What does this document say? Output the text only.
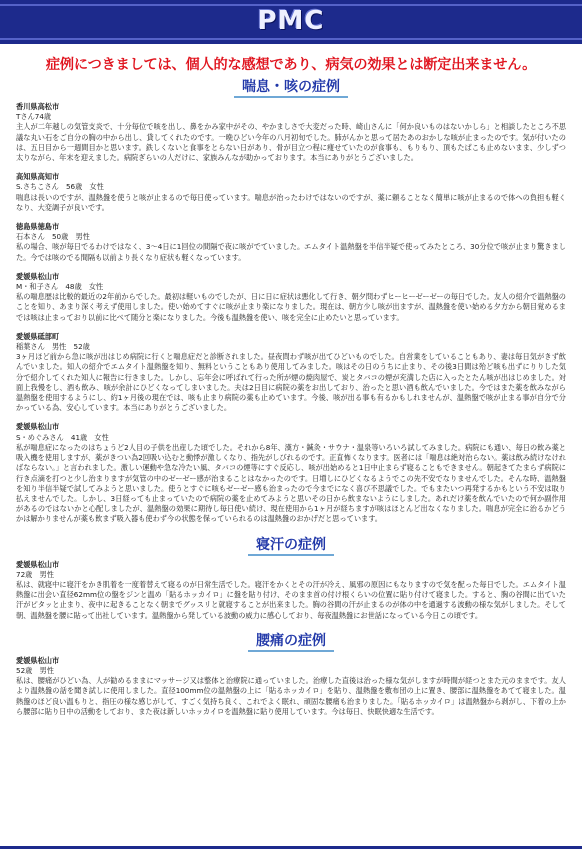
PMC
症例につきましては、個人的な感想であり、病気の効果とは断定出来ません。
喘息・咳の症例
香川県高松市
Tさん74歳

主人が二年越しの気管支炎で、十分毎位で咳を出し、鼻をかみ家中がその、やかましさで大変だった時、崎山さんに「何か良いものはないかしら」と相談したところ不思議な丸い石をご自分の胸の中から出し、貸してくれたのです。一晩ひどい今年の八月初旬でした。肺がんかと思って居たあのおかしな咳が止まったのです。気が付いたのは、五日目から一週間目かと思います。鉄しくないと食事をとらない日があり、骨が目立つ程に痩せていたのが食事も、もりもり、頂もたぱこも止めないまま、少しずつ太りながら、年末を迎えました。病院ぎらいの人だけに、家族みんなが助かっております。本当にありがとうございました。

高知県高知市
S.さちこさん　56歳　女性

喘息は長いのですが、温熱盤を使うと咳が止まるので毎日使っています。喘息が治ったわけではないのですが、薬に頼ることなく簡単に咳が止まるので体への負担も軽くなり、大変調子が良いです。

徳島県徳島市
石本さん　50歳　男性

私の場合、咳が毎日でるわけではなく、3〜4日に1回位の間隔で夜に咳がでていました。エムタイト温熱盤を半信半疑で使ってみたところ、30分位で咳が止まり驚きました。今では咳のでる間隔も以前より長くなり症状も軽くなっています。

愛媛県松山市
M・和子さん　48歳　女性

私の喘息歴は比較的最近の2年前からでした。最初は軽いものでしたが、日に日に症状は悪化して行き、朝夕問わずヒーヒーゼーゼーの毎日でした。友人の紹介で温熱盤のことを知り、あまり深く考えず使用しました。使い始めてすぐに咳が止まり楽になりました。現在は、朝方少し咳が出ますが、温熱盤を使い始める夕方から朝目覚めるまでは咳は止まっており以前に比べて随分と楽になりました。今後も温熱盤を使い、咳を完全に止めたいと思っています。

愛媛県砥部町
稲葉さん　男性　52歳

3ヶ月ほど前から急に咳が出はじめ病院に行くと喘息症だと診断されました。昼夜問わず咳が出てひどいものでした。自営業をしていることもあり、妻は毎日気がきず飲んでいました。知人の紹介でエムタイト温熱盤を知り、無料ということもあり使用してみました。咳はその日のうちに止まり、その後3日間は殆ど咳も出ずにりりした気分で紹介してくれた知人に報告に行きました。しかし、忘年会に呼ばれて行った所が煙の焼肉屋で、炭とタバコの煙が充満した店に入ったとたん咳が出はじめました。対面上我慢をし、酒も飲み、咳が余計にひどくなってしまいました。夫は2日目に病院の薬をお出しており、治ったと思い酒も飲んでいました。今ではまた薬を飲みながら温熱盤を使用するようにし、約1ヶ月後の現在では、咳も止まり病院の薬も止めています。今後、咳が出る事も有るかもしれませんが、温熱盤で咳が止まる事が自分で分かっている為、安心しています。本当にありがとうございました。

愛媛県松山市
S・めぐみさん　41歳　女性

私が喘息症になったのはちょうど2人目の子供を出産した頃でした。それから8年、漢方・鍼灸・サウナ・温泉等いろいろ試してみました。病院にも通い、毎日の飲み薬と吸入機を使用しますが、薬がきつい為2回吸い込むと動悸が激しくなり、指先がしびれるのです。正直怖くなります。医者には「喘息は絶対治らない。薬は飲み続けなければならない。」と言われました。激しい運動や急な冷たい風、タバコの煙等にすぐ反応し、咳が出始めると1日中止まらず寝ることもできません。朝起きてたまらず病院に行き点滴を打つと少し治まりますが気管の中のゼーゼー感が治まることはなかったのです。日増しにひどくなるようでこの先不安でなりませんでした。そんな時、温熱盤を知り半信半疑で試してみようと思いました。使うとすぐに咳もゼーゼー感も治まったので今までになく喜び不思議でした。でもまたいつ再発するかもという不安は取り払えませんでした。しかし、3日経っても止まっていたので病院の薬を止めてみようと思いその日から飲まないようにしました。あれだけ薬を飲んでいたので何か副作用があるのではないかと心配しましたが、温熱盤の効果に期待し毎日使い続け、現在使用から1ヶ月が経ちますが咳はほとんど出なくなりました。喘息が完全に治るかどうかは解かりませんが薬も飲まず吸入器も使わず今の状態を保っていられるのは温熱盤のおかげだと思っています。

寝汗の症例
愛媛県松山市
72歳　男性

私は、就寝中に寝汗をかき肌着を一度着替えて寝るのが日常生活でした。寝汗をかくとその汗が冷え、風邪の原因にもなりますので気を配った毎日でした。エムタイト温熱盤に出会い直径62mm位の盤をジンと温め「貼るホッカイロ」に盤を貼り付け、そのまま首の付け根くらいの位置に貼り付けて寝ました。すると、胸の谷間に出ていた汗がピタッと止まり、夜中に起きることなく朝までグッスリと就寝することが出来ました。胸の谷間の汗が止まるのが体の中を通過する波動の様な気がしました。そして朝、温熱盤を腰に貼って出社しています。温熱盤から発している波動の威力に感心しており、毎夜温熱盤にお世話になっている今日この頃です。

腰痛の症例
愛媛県松山市
52歳　男性

私は、腰痛がひどい為、人が勧めるままにマッサージ又は整体と治療院に通っていました。治療した直後は治った様な気がしますが時間が経つとまた元のままです。友人より温熱盤の話を聞き試しに使用しました。直径100mm位の温熱盤の上に「貼るホッカイロ」を貼り、温熱盤を敷布団の上に置き、腰部に温熱盤をあてて寝ました。温熱盤のほど良い温もりと、指圧の様な感じがして、すごく気持ち良く、これでよく眠れ、頑固な腰痛も治まりました。「貼るホッカイロ」は温熱盤から剥がし、下着の上から腰部に貼り日中の活動をしており、また夜は新しいホッカイロを温熱盤に貼り使用しています。今は毎日、快眠快適な生活です。
